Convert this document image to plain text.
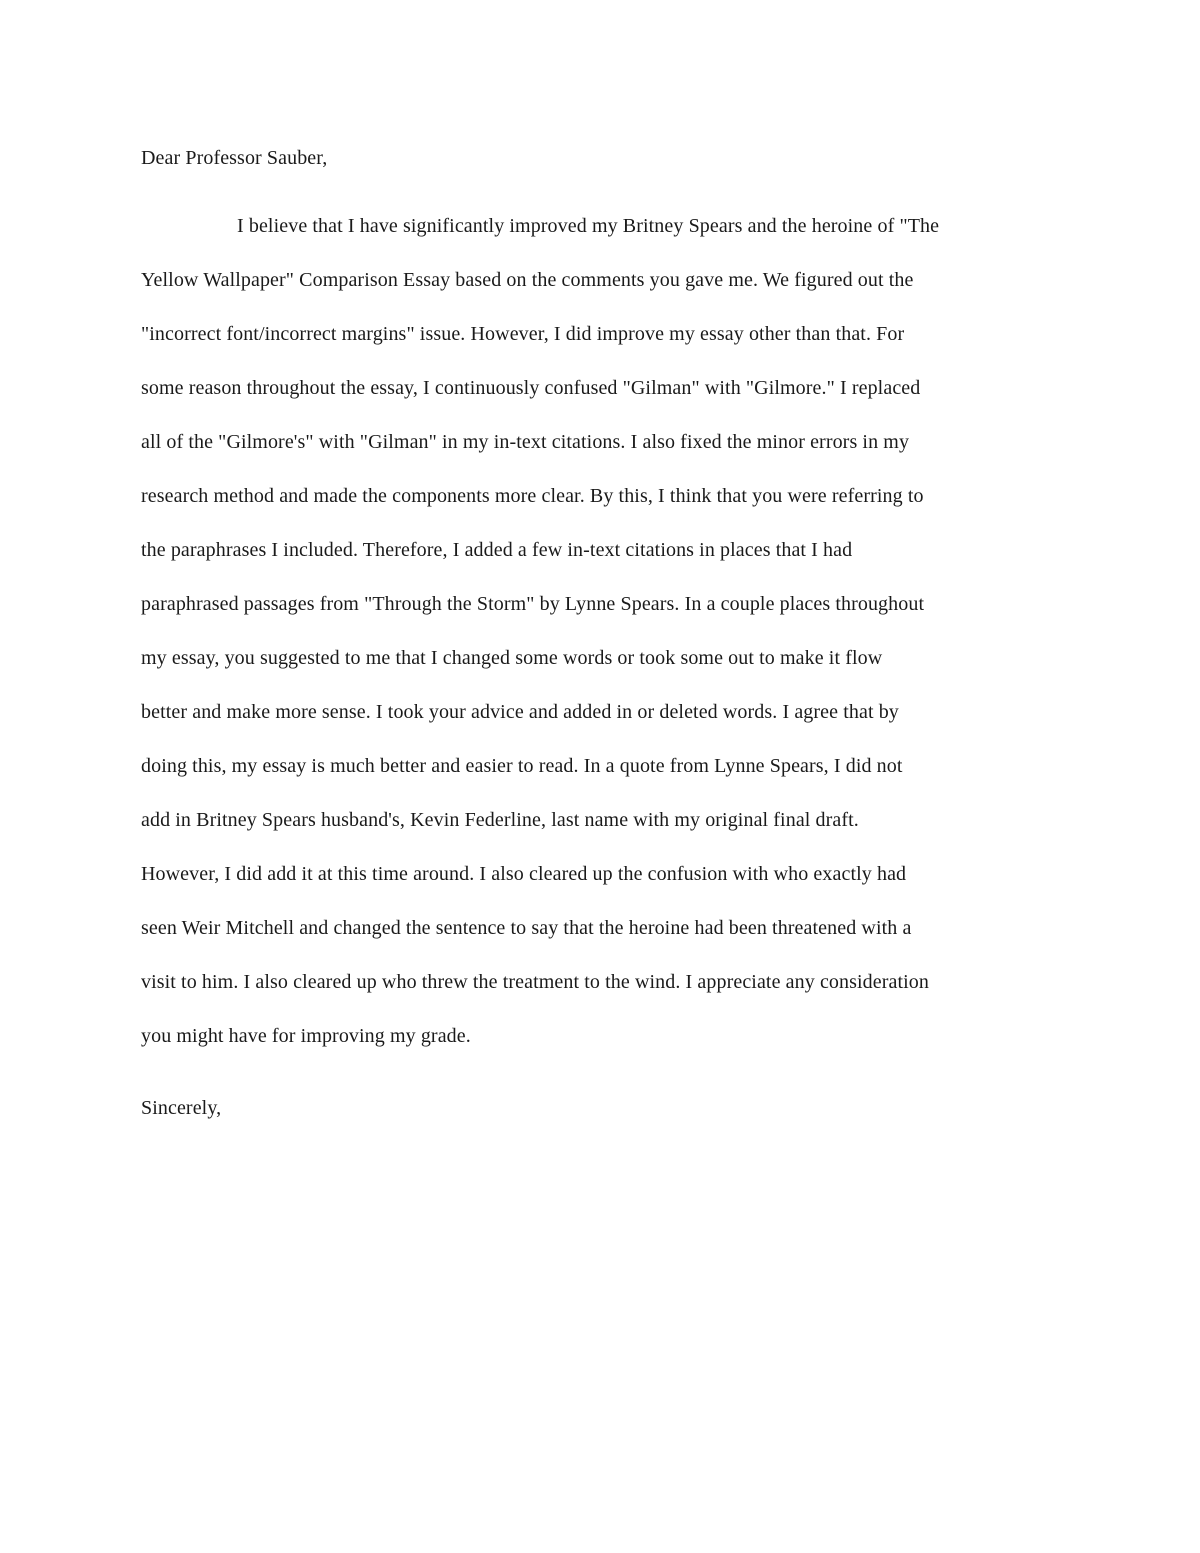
Dear Professor Sauber,
I believe that I have significantly improved my Britney Spears and the heroine of "The
Yellow Wallpaper" Comparison Essay based on the comments you gave me. We figured out the
"incorrect font/incorrect margins" issue. However, I did improve my essay other than that. For
some reason throughout the essay, I continuously confused "Gilman" with "Gilmore." I replaced
all of the "Gilmore's" with "Gilman" in my in-text citations. I also fixed the minor errors in my
research method and made the components more clear. By this, I think that you were referring to
the paraphrases I included. Therefore, I added a few in-text citations in places that I had
paraphrased passages from "Through the Storm" by Lynne Spears. In a couple places throughout
my essay, you suggested to me that I changed some words or took some out to make it flow
better and make more sense. I took your advice and added in or deleted words. I agree that by
doing this, my essay is much better and easier to read. In a quote from Lynne Spears, I did not
add in Britney Spears husband's, Kevin Federline, last name with my original final draft.
However, I did add it at this time around. I also cleared up the confusion with who exactly had
seen Weir Mitchell and changed the sentence to say that the heroine had been threatened with a
visit to him. I also cleared up who threw the treatment to the wind. I appreciate any consideration
you might have for improving my grade.
Sincerely,
